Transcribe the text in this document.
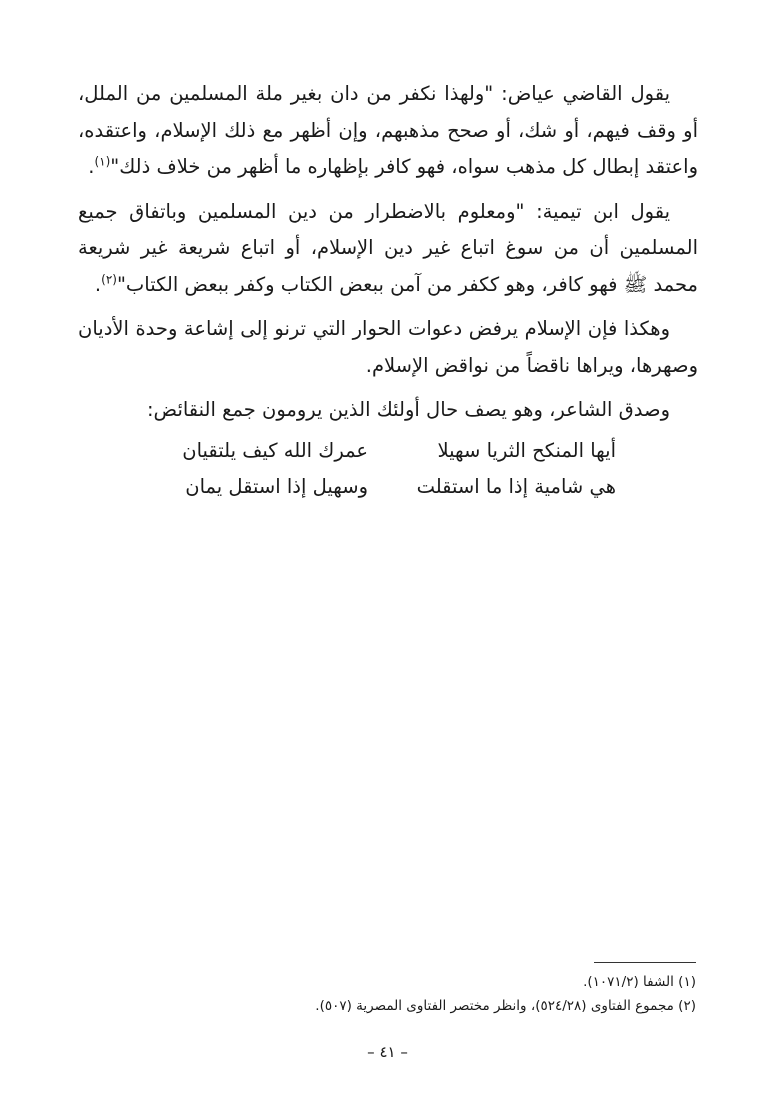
يقول القاضي عياض: "ولهذا نكفر من دان بغير ملة المسلمين من الملل، أو وقف فيهم، أو شك، أو صحح مذهبهم، وإن أظهر مع ذلك الإسلام، واعتقده، واعتقد إبطال كل مذهب سواه، فهو كافر بإظهاره ما أظهر من خلاف ذلك"$^{(١)}$.

يقول ابن تيمية: "ومعلوم بالاضطرار من دين المسلمين وباتفاق جميع المسلمين أن من سوغ اتباع غير دين الإسلام، أو اتباع شريعة غير شريعة محمد ﷺ فهو كافر، وهو ككفر من آمن ببعض الكتاب وكفر ببعض الكتاب"$^{(٢)}$.

وهكذا فإن الإسلام يرفض دعوات الحوار التي ترنو إلى إشاعة وحدة الأديان وصهرها، ويراها ناقضاً من نواقض الإسلام.

وصدق الشاعر، وهو يصف حال أولئك الذين يرومون جمع النقائض:

أيها المنكح الثريا سهيلا
عمرك الله كيف يلتقيان
هي شامية إذا ما استقلت
وسهيل إذا استقل يمان
(١) الشفا (١٠٧١/٢).
(٢) مجموع الفتاوى (٥٢٤/٢٨)، وانظر مختصر الفتاوى المصرية (٥٠٧).
– ٤١ –
